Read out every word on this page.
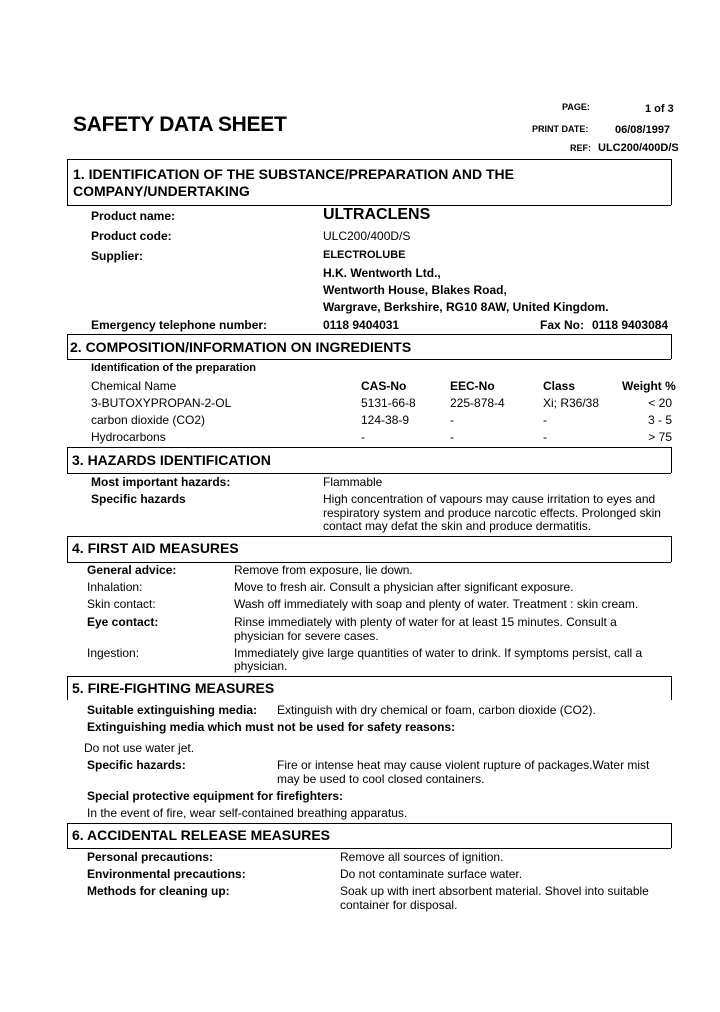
SAFETY DATA SHEET
PAGE:	1 of 3
PRINT DATE: 06/08/1997
REF: ULC200/400D/S
1. IDENTIFICATION OF THE SUBSTANCE/PREPARATION AND THE
COMPANY/UNDERTAKING
Product name:	ULTRACLENS
Product code:	ULC200/400D/S
Supplier:	ELECTROLUBE
H.K. Wentworth Ltd.,
Wentworth House, Blakes Road,
Wargrave, Berkshire, RG10 8AW, United Kingdom.
Emergency telephone number:	0118 9404031	Fax No: 0118 9403084
2. COMPOSITION/INFORMATION ON INGREDIENTS
Identification of the preparation
Chemical Name	CAS-No	EEC-No	Class	Weight %
3-BUTOXYPROPAN-2-OL	5131-66-8	225-878-4	Xi; R36/38	< 20
carbon dioxide (CO2)	124-38-9	-	-	3 - 5
Hydrocarbons	-	-	-	> 75
3. HAZARDS IDENTIFICATION
Most important hazards:	Flammable
Specific hazards	High concentration of vapours may cause irritation to eyes and
respiratory system and produce narcotic effects. Prolonged skin
contact may defat the skin and produce dermatitis.
4. FIRST AID MEASURES
General advice:	Remove from exposure, lie down.
Inhalation:	Move to fresh air. Consult a physician after significant exposure.
Skin contact:	Wash off immediately with soap and plenty of water. Treatment : skin cream.
Eye contact:	Rinse immediately with plenty of water for at least 15 minutes. Consult a
physician for severe cases.
Ingestion:	Immediately give large quantities of water to drink. If symptoms persist, call a
physician.
5. FIRE-FIGHTING MEASURES
Suitable extinguishing media: Extinguish with dry chemical or foam, carbon dioxide (CO2).
Extinguishing media which must not be used for safety reasons:
Do not use water jet.
Specific hazards:	Fire or intense heat may cause violent rupture of packages.Water mist
may be used to cool closed containers.
Special protective equipment for firefighters:
In the event of fire, wear self-contained breathing apparatus.
6. ACCIDENTAL RELEASE MEASURES
Personal precautions:	Remove all sources of ignition.
Environmental precautions:	Do not contaminate surface water.
Methods for cleaning up:	Soak up with inert absorbent material. Shovel into suitable
container for disposal.
